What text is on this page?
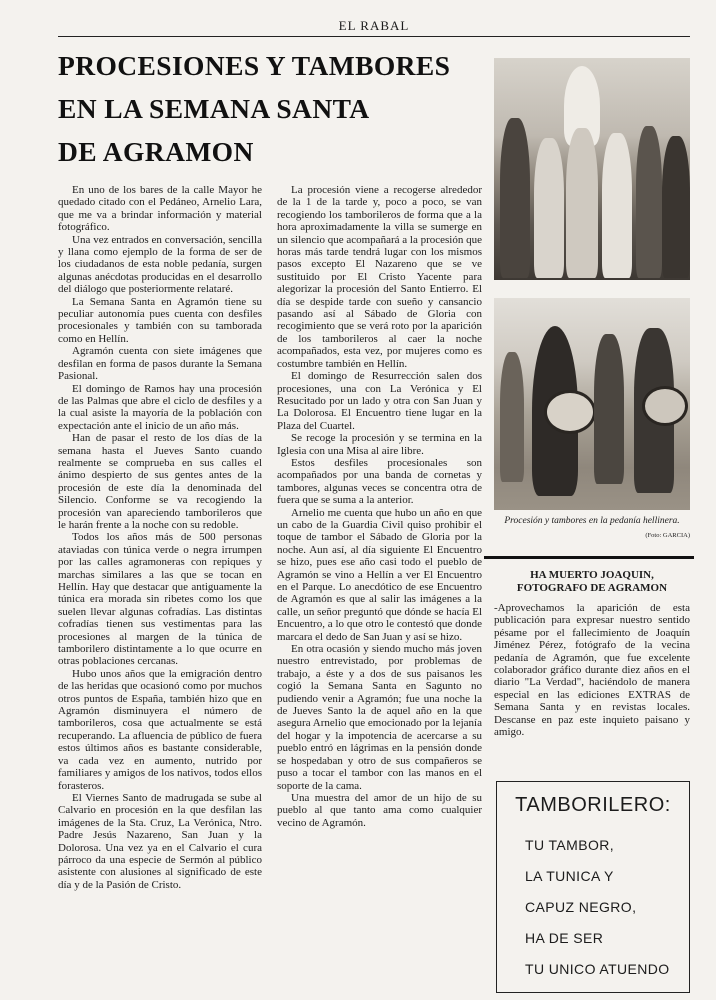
EL RABAL
PROCESIONES Y TAMBORES
EN LA SEMANA SANTA
DE AGRAMON

En uno de los bares de la calle Mayor he quedado citado con el Pedáneo, Arnelio Lara, que me va a brindar información y material fotográfico.

Una vez entrados en conversación, sencilla y llana como ejemplo de la forma de ser de los ciudadanos de esta noble pedanía, surgen algunas anécdotas producidas en el desarrollo del diálogo que posteriormente relataré.

La Semana Santa en Agramón tiene su peculiar autonomía pues cuenta con desfiles procesionales y también con su tamborada como en Hellín.

Agramón cuenta con siete imágenes que desfilan en forma de pasos durante la Semana Pasional.

El domingo de Ramos hay una procesión de las Palmas que abre el ciclo de desfiles y a la cual asiste la mayoría de la población con expectación ante el inicio de un año más.

Han de pasar el resto de los días de la semana hasta el Jueves Santo cuando realmente se comprueba en sus calles el ánimo despierto de sus gentes antes de la procesión de este día la denominada del Silencio. Conforme se va recogiendo la procesión van apareciendo tamborileros que le harán frente a la noche con su redoble.

Todos los años más de 500 personas ataviadas con túnica verde o negra irrumpen por las calles agramoneras con repiques y marchas similares a las que se tocan en Hellín. Hay que destacar que antiguamente la túnica era morada sin ribetes como los que suelen llevar algunas cofradías. Las distintas cofradías tienen sus vestimentas para las procesiones al margen de la túnica de tamborilero distintamente a lo que ocurre en otras poblaciones cercanas.

Hubo unos años que la emigración dentro de las heridas que ocasionó como por muchos otros puntos de España, también hizo que en Agramón disminuyera el número de tamborileros, cosa que actualmente se está recuperando. La afluencia de público de fuera estos últimos años es bastante considerable, va cada vez en aumento, nutrido por familiares y amigos de los nativos, todos ellos forasteros.

El Viernes Santo de madrugada se sube al Calvario en procesión en la que desfilan las imágenes de la Sta. Cruz, La Verónica, Ntro. Padre Jesús Nazareno, San Juan y la Dolorosa. Una vez ya en el Calvario el cura párroco da una especie de Sermón al público asistente con alusiones al significado de este día y de la Pasión de Cristo.

La procesión viene a recogerse alrededor de la 1 de la tarde y, poco a poco, se van recogiendo los tamborileros de forma que a la hora aproximadamente la villa se sumerge en un silencio que acompañará a la procesión que horas más tarde tendrá lugar con los mismos pasos excepto El Nazareno que se ve sustituido por El Cristo Yacente para alegorizar la procesión del Santo Entierro. El día se despide tarde con sueño y cansancio pasando así al Sábado de Gloria con recogimiento que se verá roto por la aparición de los tamborileros al caer la noche acompañados, esta vez, por mujeres como es costumbre también en Hellín.

El domingo de Resurrección salen dos procesiones, una con La Verónica y El Resucitado por un lado y otra con San Juan y La Dolorosa. El Encuentro tiene lugar en la Plaza del Cuartel.

Se recoge la procesión y se termina en la Iglesia con una Misa al aire libre.

Estos desfiles procesionales son acompañados por una banda de cornetas y tambores, algunas veces se concentra otra de fuera que se suma a la anterior.

Arnelio me cuenta que hubo un año en que un cabo de la Guardia Civil quiso prohibir el toque de tambor el Sábado de Gloria por la noche. Aun así, al día siguiente El Encuentro se hizo, pues ese año casi todo el pueblo de Agramón se vino a Hellín a ver El Encuentro en el Parque. Lo anecdótico de ese Encuentro de Agramón es que al salir las imágenes a la calle, un señor preguntó que dónde se hacía El Encuentro, a lo que otro le contestó que donde marcara el dedo de San Juan y así se hizo.

En otra ocasión y siendo mucho más joven nuestro entrevistado, por problemas de trabajo, a éste y a dos de sus paisanos les cogió la Semana Santa en Sagunto no pudiendo venir a Agramón; fue una noche la de Jueves Santo la de aquel año en la que asegura Arnelio que emocionado por la lejanía del hogar y la impotencia de acercarse a su pueblo entró en lágrimas en la pensión donde se hospedaban y otro de sus compañeros se puso a tocar el tambor con las manos en el soporte de la cama.

Una muestra del amor de un hijo de su pueblo al que tanto ama como cualquier vecino de Agramón.

Procesión y tambores en la pedanía hellinera.
(Foto: GARCIA)
HA MUERTO JOAQUIN,
FOTOGRAFO DE AGRAMON

-Aprovechamos la aparición de esta publicación para expresar nuestro sentido pésame por el fallecimiento de Joaquín Jiménez Pérez, fotógrafo de la vecina pedanía de Agramón, que fue excelente colaborador gráfico durante diez años en el diario "La Verdad", haciéndolo de manera especial en las ediciones EXTRAS de Semana Santa y en revistas locales. Descanse en paz este inquieto paisano y amigo.

TAMBORILERO:
TU TAMBOR,
LA TUNICA Y
CAPUZ NEGRO,
HA DE SER
TU UNICO ATUENDO
